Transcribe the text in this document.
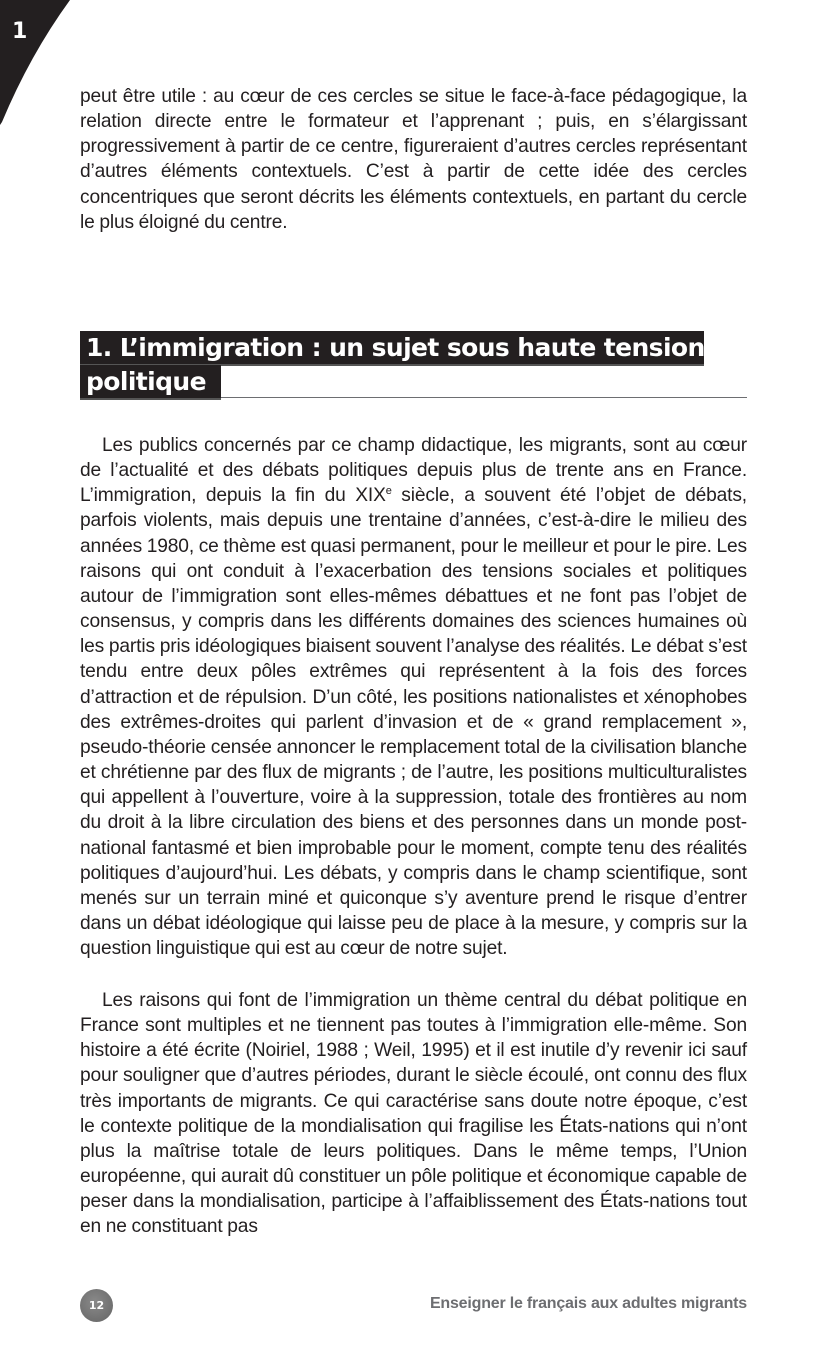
1

peut être utile : au cœur de ces cercles se situe le face-à-face pédagogique, la relation directe entre le formateur et l’apprenant ; puis, en s’élargissant progressivement à partir de ce centre, figureraient d’autres cercles représentant d’autres éléments contextuels. C’est à partir de cette idée des cercles concentriques que seront décrits les éléments contextuels, en partant du cercle le plus éloigné du centre.

1. L’immigration : un sujet sous haute tension
politique

Les publics concernés par ce champ didactique, les migrants, sont au cœur de l’actualité et des débats politiques depuis plus de trente ans en France. L’immigration, depuis la fin du XIXe siècle, a souvent été l’objet de débats, parfois violents, mais depuis une trentaine d’années, c’est-à-dire le milieu des années 1980, ce thème est quasi permanent, pour le meilleur et pour le pire. Les raisons qui ont conduit à l’exacerbation des tensions sociales et politiques autour de l’immigration sont elles-mêmes débattues et ne font pas l’objet de consensus, y compris dans les différents domaines des sciences humaines où les partis pris idéologiques biaisent souvent l’analyse des réalités. Le débat s’est tendu entre deux pôles extrêmes qui représentent à la fois des forces d’attraction et de répulsion. D’un côté, les positions nationalistes et xénophobes des extrêmes-droites qui parlent d’invasion et de « grand remplacement », pseudo-théorie censée annoncer le remplacement total de la civilisation blanche et chrétienne par des flux de migrants ; de l’autre, les positions multiculturalistes qui appellent à l’ouverture, voire à la suppression, totale des frontières au nom du droit à la libre circulation des biens et des personnes dans un monde post-national fantasmé et bien improbable pour le moment, compte tenu des réalités politiques d’aujourd’hui. Les débats, y compris dans le champ scientifique, sont menés sur un terrain miné et quiconque s’y aventure prend le risque d’entrer dans un débat idéologique qui laisse peu de place à la mesure, y compris sur la question linguistique qui est au cœur de notre sujet.

Les raisons qui font de l’immigration un thème central du débat politique en France sont multiples et ne tiennent pas toutes à l’immigration elle-même. Son histoire a été écrite (Noiriel, 1988 ; Weil, 1995) et il est inutile d’y revenir ici sauf pour souligner que d’autres périodes, durant le siècle écoulé, ont connu des flux très importants de migrants. Ce qui caractérise sans doute notre époque, c’est le contexte politique de la mondialisation qui fragilise les États-nations qui n’ont plus la maîtrise totale de leurs politiques. Dans le même temps, l’Union européenne, qui aurait dû constituer un pôle politique et économique capable de peser dans la mondialisation, participe à l’affaiblissement des États-nations tout en ne constituant pas

12	Enseigner le français aux adultes migrants
